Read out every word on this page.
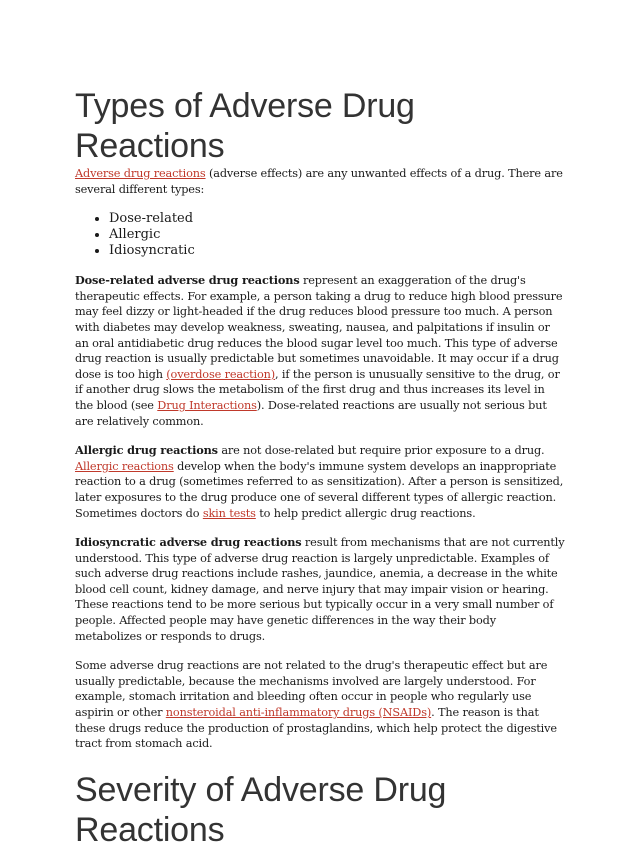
Types of Adverse Drug Reactions

Adverse drug reactions (adverse effects) are any unwanted effects of a drug. There are several different types:

• Dose-related
• Allergic
• Idiosyncratic

Dose-related adverse drug reactions represent an exaggeration of the drug's therapeutic effects. For example, a person taking a drug to reduce high blood pressure may feel dizzy or light-headed if the drug reduces blood pressure too much. A person with diabetes may develop weakness, sweating, nausea, and palpitations if insulin or an oral antidiabetic drug reduces the blood sugar level too much. This type of adverse drug reaction is usually predictable but sometimes unavoidable. It may occur if a drug dose is too high (overdose reaction), if the person is unusually sensitive to the drug, or if another drug slows the metabolism of the first drug and thus increases its level in the blood (see Drug Interactions). Dose-related reactions are usually not serious but are relatively common.

Allergic drug reactions are not dose-related but require prior exposure to a drug. Allergic reactions develop when the body's immune system develops an inappropriate reaction to a drug (sometimes referred to as sensitization). After a person is sensitized, later exposures to the drug produce one of several different types of allergic reaction. Sometimes doctors do skin tests to help predict allergic drug reactions.

Idiosyncratic adverse drug reactions result from mechanisms that are not currently understood. This type of adverse drug reaction is largely unpredictable. Examples of such adverse drug reactions include rashes, jaundice, anemia, a decrease in the white blood cell count, kidney damage, and nerve injury that may impair vision or hearing. These reactions tend to be more serious but typically occur in a very small number of people. Affected people may have genetic differences in the way their body metabolizes or responds to drugs.

Some adverse drug reactions are not related to the drug's therapeutic effect but are usually predictable, because the mechanisms involved are largely understood. For example, stomach irritation and bleeding often occur in people who regularly use aspirin or other nonsteroidal anti-inflammatory drugs (NSAIDs). The reason is that these drugs reduce the production of prostaglandins, which help protect the digestive tract from stomach acid.

Severity of Adverse Drug Reactions
